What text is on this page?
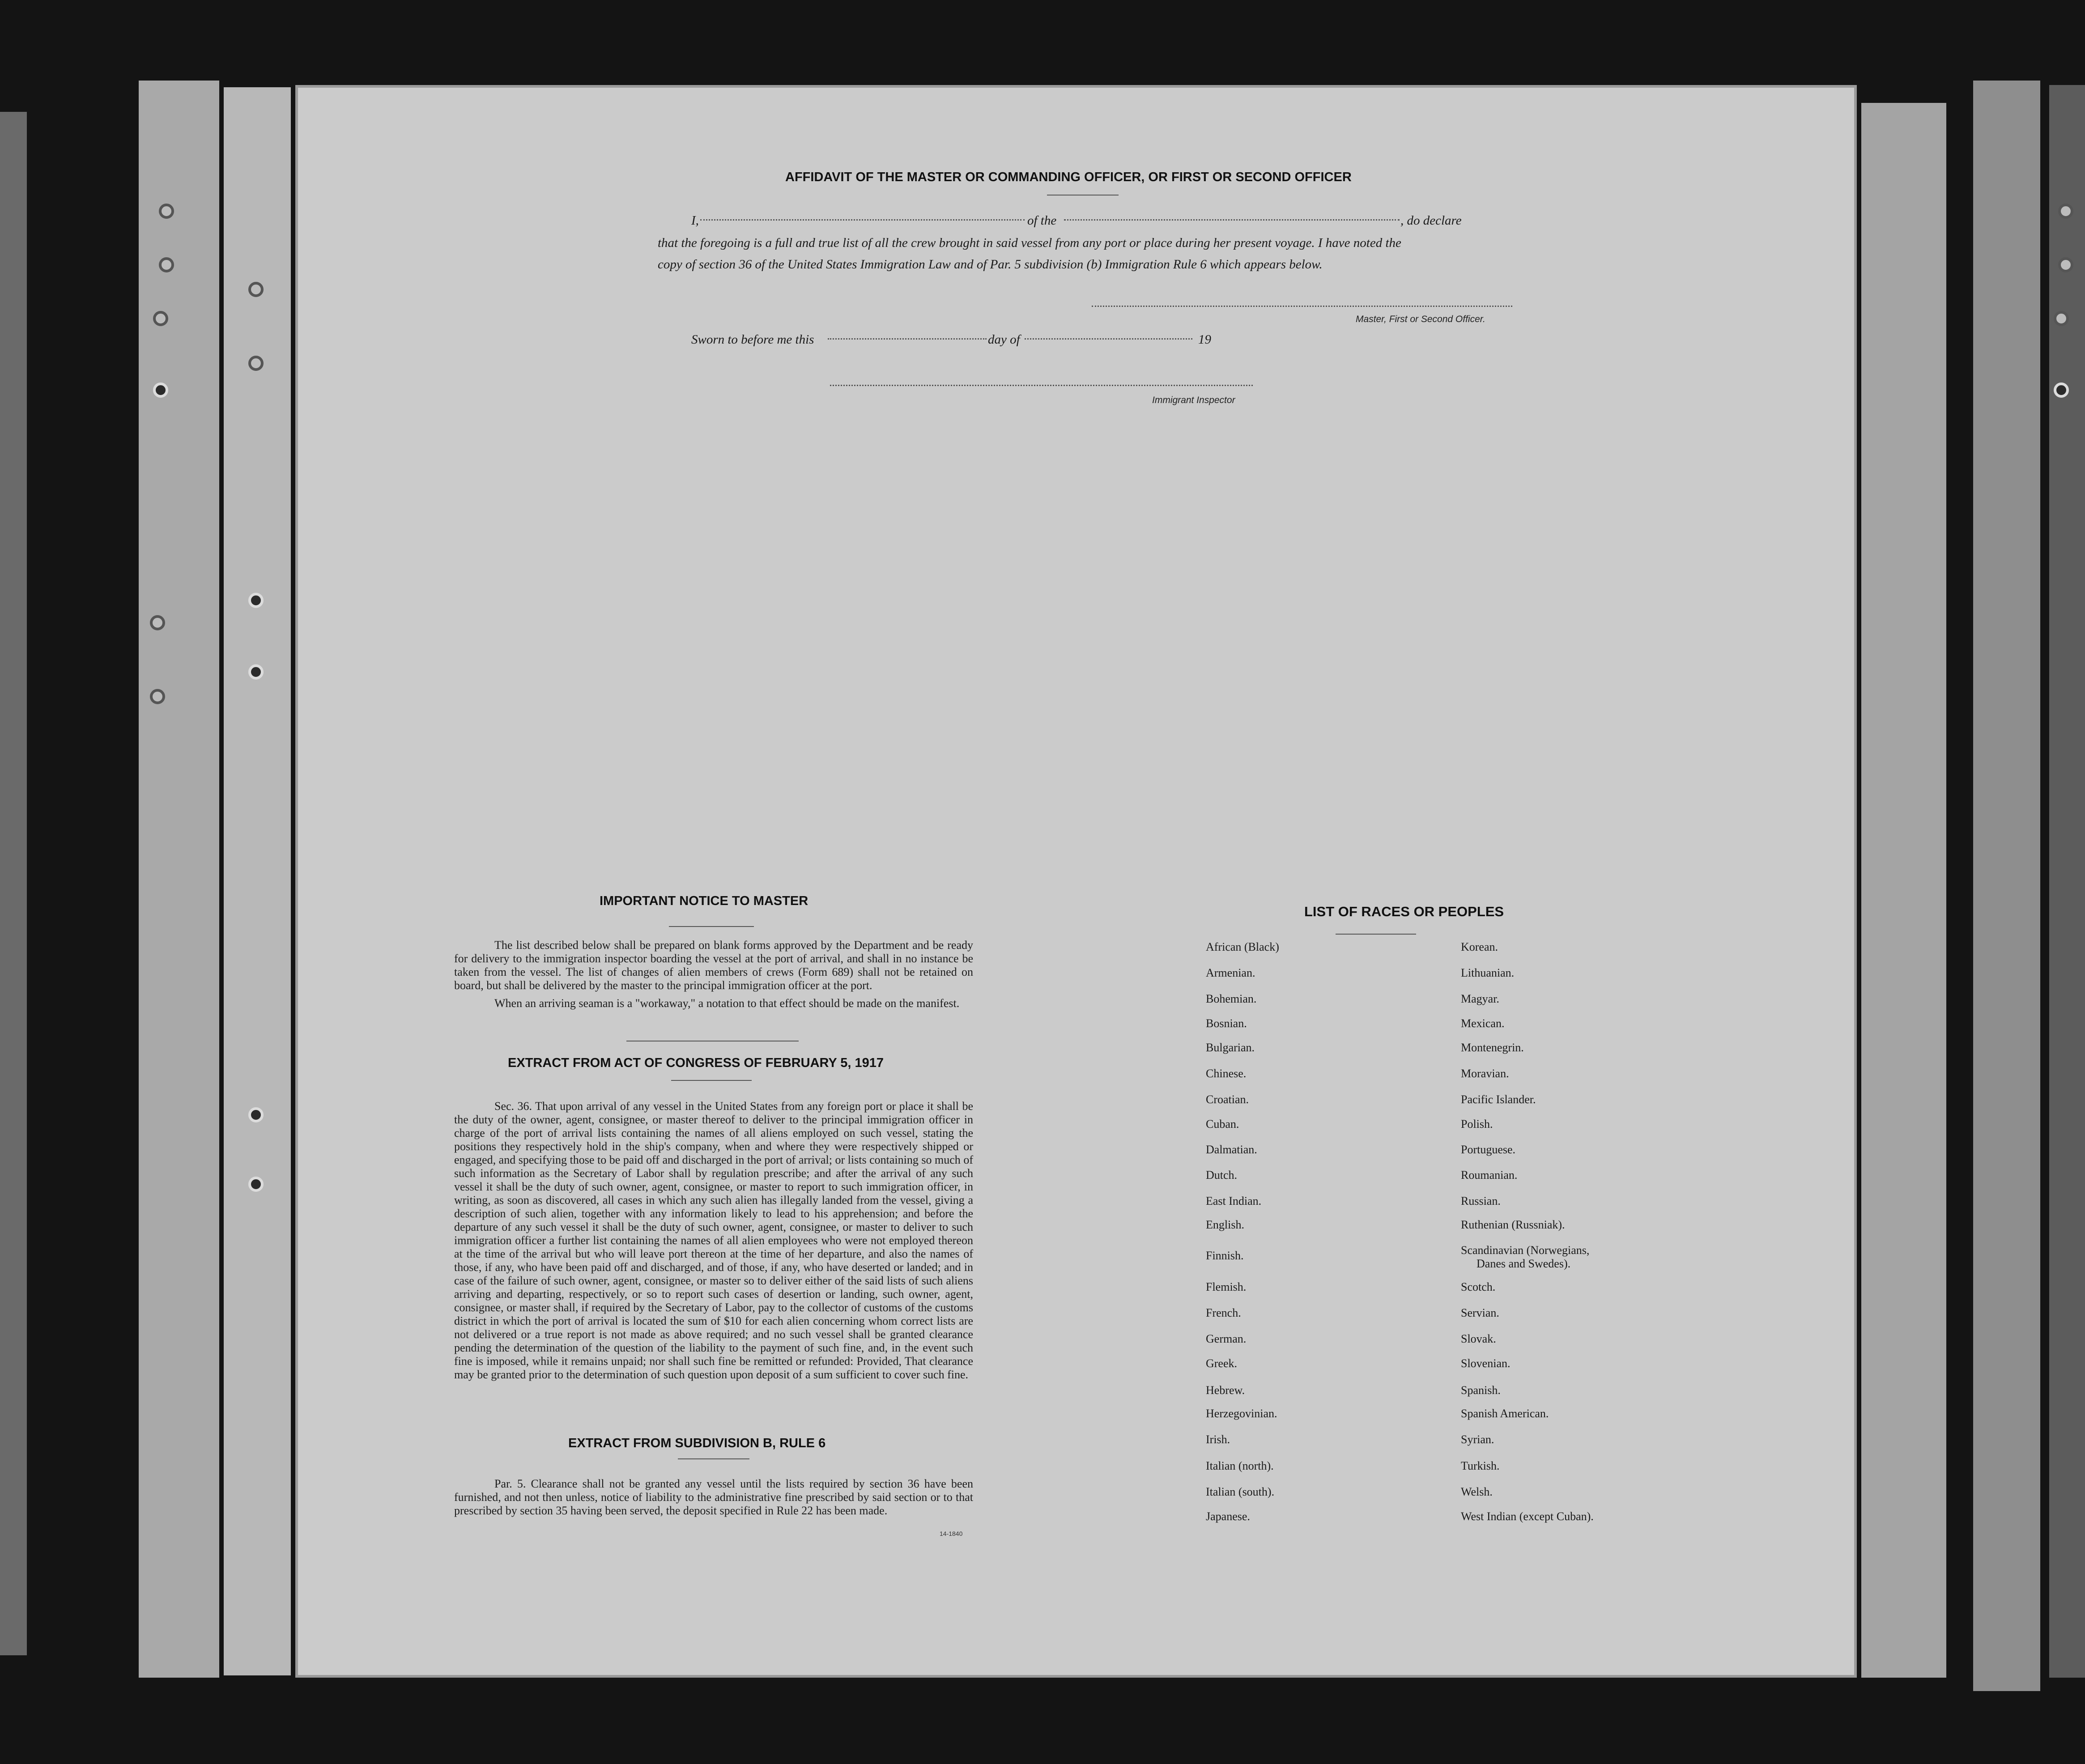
AFFIDAVIT OF THE MASTER OR COMMANDING OFFICER, OR FIRST OR SECOND OFFICER
I,	of the	, do declare
that the foregoing is a full and true list of all the crew brought in said vessel from any port or place during her present voyage. I have noted the
copy of section 36 of the United States Immigration Law and of Par. 5 subdivision (b) Immigration Rule 6 which appears below.
Master, First or Second Officer.
Sworn to before me this	day of	19
Immigrant Inspector
IMPORTANT NOTICE TO MASTER
The list described below shall be prepared on blank forms approved by the Department and be ready for delivery to the immigration inspector boarding the vessel at the port of arrival, and shall in no instance be taken from the vessel. The list of changes of alien members of crews (Form 689) shall not be retained on board, but shall be delivered by the master to the principal immigration officer at the port.
When an arriving seaman is a "workaway," a notation to that effect should be made on the manifest.
EXTRACT FROM ACT OF CONGRESS OF FEBRUARY 5, 1917
Sec. 36. That upon arrival of any vessel in the United States from any foreign port or place it shall be the duty of the owner, agent, consignee, or master thereof to deliver to the principal immigration officer in charge of the port of arrival lists containing the names of all aliens employed on such vessel, stating the positions they respectively hold in the ship's company, when and where they were respectively shipped or engaged, and specifying those to be paid off and discharged in the port of arrival; or lists containing so much of such information as the Secretary of Labor shall by regulation prescribe; and after the arrival of any such vessel it shall be the duty of such owner, agent, consignee, or master to report to such immigration officer, in writing, as soon as discovered, all cases in which any such alien has illegally landed from the vessel, giving a description of such alien, together with any information likely to lead to his apprehension; and before the departure of any such vessel it shall be the duty of such owner, agent, consignee, or master to deliver to such immigration officer a further list containing the names of all alien employees who were not employed thereon at the time of the arrival but who will leave port thereon at the time of her departure, and also the names of those, if any, who have been paid off and discharged, and of those, if any, who have deserted or landed; and in case of the failure of such owner, agent, consignee, or master so to deliver either of the said lists of such aliens arriving and departing, respectively, or so to report such cases of desertion or landing, such owner, agent, consignee, or master shall, if required by the Secretary of Labor, pay to the collector of customs of the customs district in which the port of arrival is located the sum of $10 for each alien concerning whom correct lists are not delivered or a true report is not made as above required; and no such vessel shall be granted clearance pending the determination of the question of the liability to the payment of such fine, and, in the event such fine is imposed, while it remains unpaid; nor shall such fine be remitted or refunded: Provided, That clearance may be granted prior to the determination of such question upon deposit of a sum sufficient to cover such fine.
EXTRACT FROM SUBDIVISION B, RULE 6
Par. 5. Clearance shall not be granted any vessel until the lists required by section 36 have been furnished, and not then unless, notice of liability to the administrative fine prescribed by said section or to that prescribed by section 35 having been served, the deposit specified in Rule 22 has been made.
14-1840
LIST OF RACES OR PEOPLES
African (Black)
Armenian.
Bohemian.
Bosnian.
Bulgarian.
Chinese.
Croatian.
Cuban.
Dalmatian.
Dutch.
East Indian.
English.
Finnish.
Flemish.
French.
German.
Greek.
Hebrew.
Herzegovinian.
Irish.
Italian (north).
Italian (south).
Japanese.
Korean.
Lithuanian.
Magyar.
Mexican.
Montenegrin.
Moravian.
Pacific Islander.
Polish.
Portuguese.
Roumanian.
Russian.
Ruthenian (Russniak).
Scandinavian (Norwegians,
Danes and Swedes).
Scotch.
Servian.
Slovak.
Slovenian.
Spanish.
Spanish American.
Syrian.
Turkish.
Welsh.
West Indian (except Cuban).
